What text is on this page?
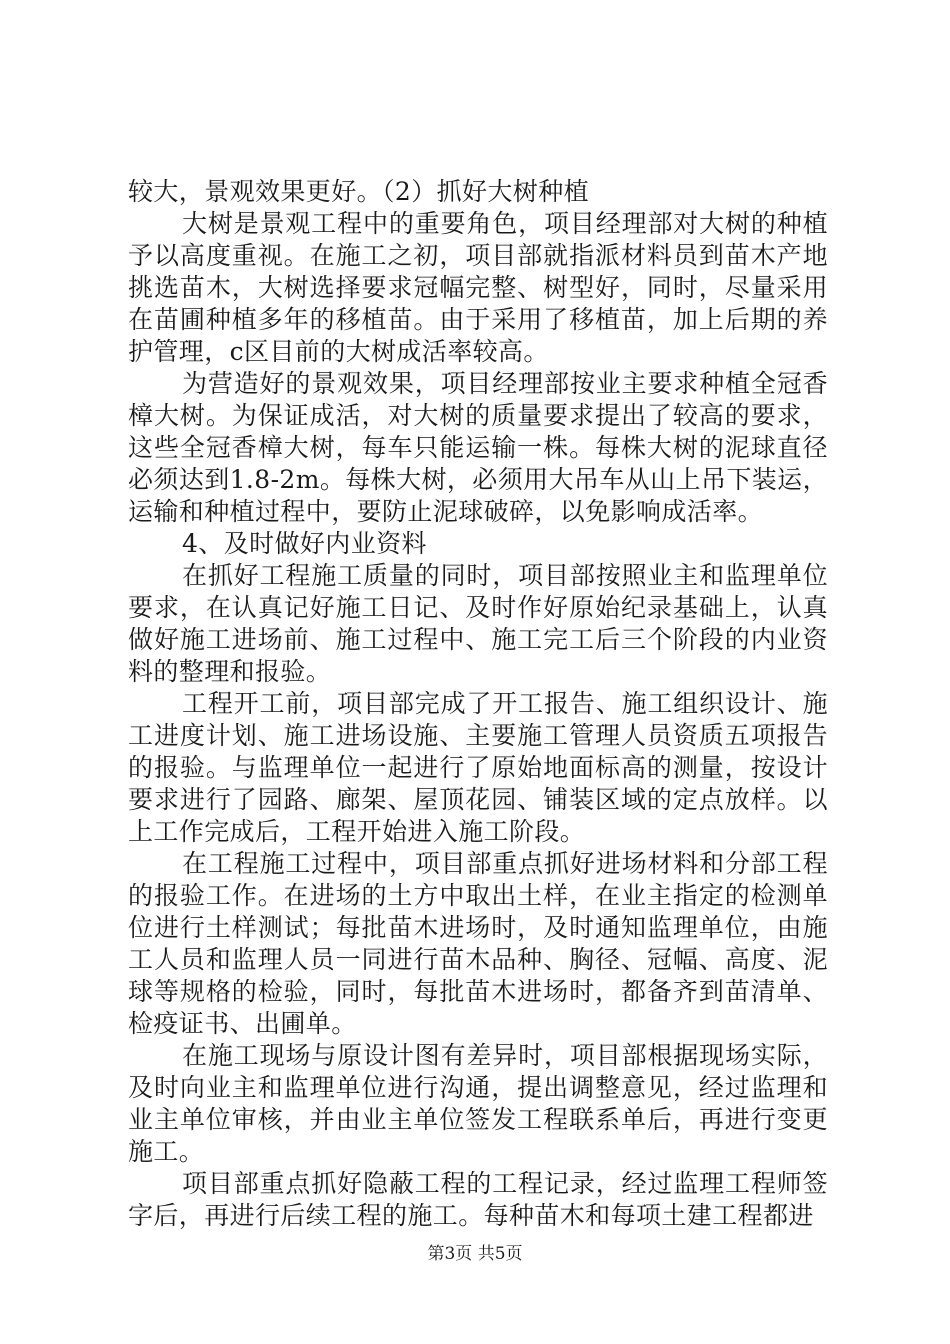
较大，景观效果更好。（2）抓好大树种植

大树是景观工程中的重要角色，项目经理部对大树的种植予以高度重视。在施工之初，项目部就指派材料员到苗木产地挑选苗木，大树选择要求冠幅完整、树型好，同时，尽量采用在苗圃种植多年的移植苗。由于采用了移植苗，加上后期的养护管理，c区目前的大树成活率较高。

为营造好的景观效果，项目经理部按业主要求种植全冠香樟大树。为保证成活，对大树的质量要求提出了较高的要求，这些全冠香樟大树，每车只能运输一株。每株大树的泥球直径必须达到1.8-2m。每株大树，必须用大吊车从山上吊下装运，运输和种植过程中，要防止泥球破碎，以免影响成活率。

4、及时做好内业资料

在抓好工程施工质量的同时，项目部按照业主和监理单位要求，在认真记好施工日记、及时作好原始纪录基础上，认真做好施工进场前、施工过程中、施工完工后三个阶段的内业资料的整理和报验。

工程开工前，项目部完成了开工报告、施工组织设计、施工进度计划、施工进场设施、主要施工管理人员资质五项报告的报验。与监理单位一起进行了原始地面标高的测量，按设计要求进行了园路、廊架、屋顶花园、铺装区域的定点放样。以上工作完成后，工程开始进入施工阶段。

在工程施工过程中，项目部重点抓好进场材料和分部工程的报验工作。在进场的土方中取出土样，在业主指定的检测单位进行土样测试；每批苗木进场时，及时通知监理单位，由施工人员和监理人员一同进行苗木品种、胸径、冠幅、高度、泥球等规格的检验，同时，每批苗木进场时，都备齐到苗清单、检疫证书、出圃单。

在施工现场与原设计图有差异时，项目部根据现场实际，及时向业主和监理单位进行沟通，提出调整意见，经过监理和业主单位审核，并由业主单位签发工程联系单后，再进行变更施工。

项目部重点抓好隐蔽工程的工程记录，经过监理工程师签字后，再进行后续工程的施工。每种苗木和每项土建工程都进

第3页 共5页
